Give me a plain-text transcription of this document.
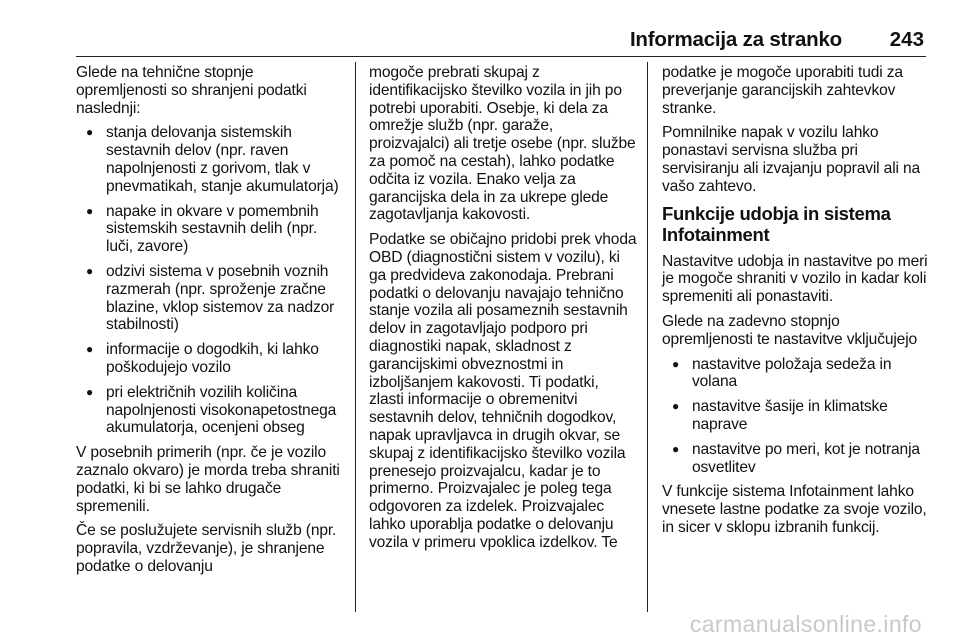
Informacija za stranko 243

Glede na tehnične stopnje opremljenosti so shranjeni podatki naslednji:

● stanja delovanja sistemskih sestavnih delov (npr. raven napolnjenosti z gorivom, tlak v pnevmatikah, stanje akumulatorja)
● napake in okvare v pomembnih sistemskih sestavnih delih (npr. luči, zavore)
● odzivi sistema v posebnih voznih razmerah (npr. sproženje zračne blazine, vklop sistemov za nadzor stabilnosti)
● informacije o dogodkih, ki lahko poškodujejo vozilo
● pri električnih vozilih količina napolnjenosti visokonapetostnega akumulatorja, ocenjeni obseg

V posebnih primerih (npr. če je vozilo zaznalo okvaro) je morda treba shraniti podatki, ki bi se lahko drugače spremenili.

Če se poslužujete servisnih služb (npr. popravila, vzdrževanje), je shranjene podatke o delovanju

mogoče prebrati skupaj z identifikacijsko številko vozila in jih po potrebi uporabiti. Osebje, ki dela za omrežje služb (npr. garaže, proizvajalci) ali tretje osebe (npr. službe za pomoč na cestah), lahko podatke odčita iz vozila. Enako velja za garancijska dela in za ukrepe glede zagotavljanja kakovosti.

Podatke se običajno pridobi prek vhoda OBD (diagnostični sistem v vozilu), ki ga predvideva zakonodaja. Prebrani podatki o delovanju navajajo tehnično stanje vozila ali posameznih sestavnih delov in zagotavljajo podporo pri diagnostiki napak, skladnost z garancijskimi obveznostmi in izboljšanjem kakovosti. Ti podatki, zlasti informacije o obremenitvi sestavnih delov, tehničnih dogodkov, napak upravljavca in drugih okvar, se skupaj z identifikacijsko številko vozila prenesejo proizvajalcu, kadar je to primerno. Proizvajalec je poleg tega odgovoren za izdelek. Proizvajalec lahko uporablja podatke o delovanju vozila v primeru vpoklica izdelkov. Te

podatke je mogoče uporabiti tudi za preverjanje garancijskih zahtevkov stranke.

Pomnilnike napak v vozilu lahko ponastavi servisna služba pri servisiranju ali izvajanju popravil ali na vašo zahtevo.

Funkcije udobja in sistema Infotainment

Nastavitve udobja in nastavitve po meri je mogoče shraniti v vozilo in kadar koli spremeniti ali ponastaviti.

Glede na zadevno stopnjo opremljenosti te nastavitve vključujejo

● nastavitve položaja sedeža in volana
● nastavitve šasije in klimatske naprave
● nastavitve po meri, kot je notranja osvetlitev

V funkcije sistema Infotainment lahko vnesete lastne podatke za svoje vozilo, in sicer v sklopu izbranih funkcij.

carmanualsonline.info
